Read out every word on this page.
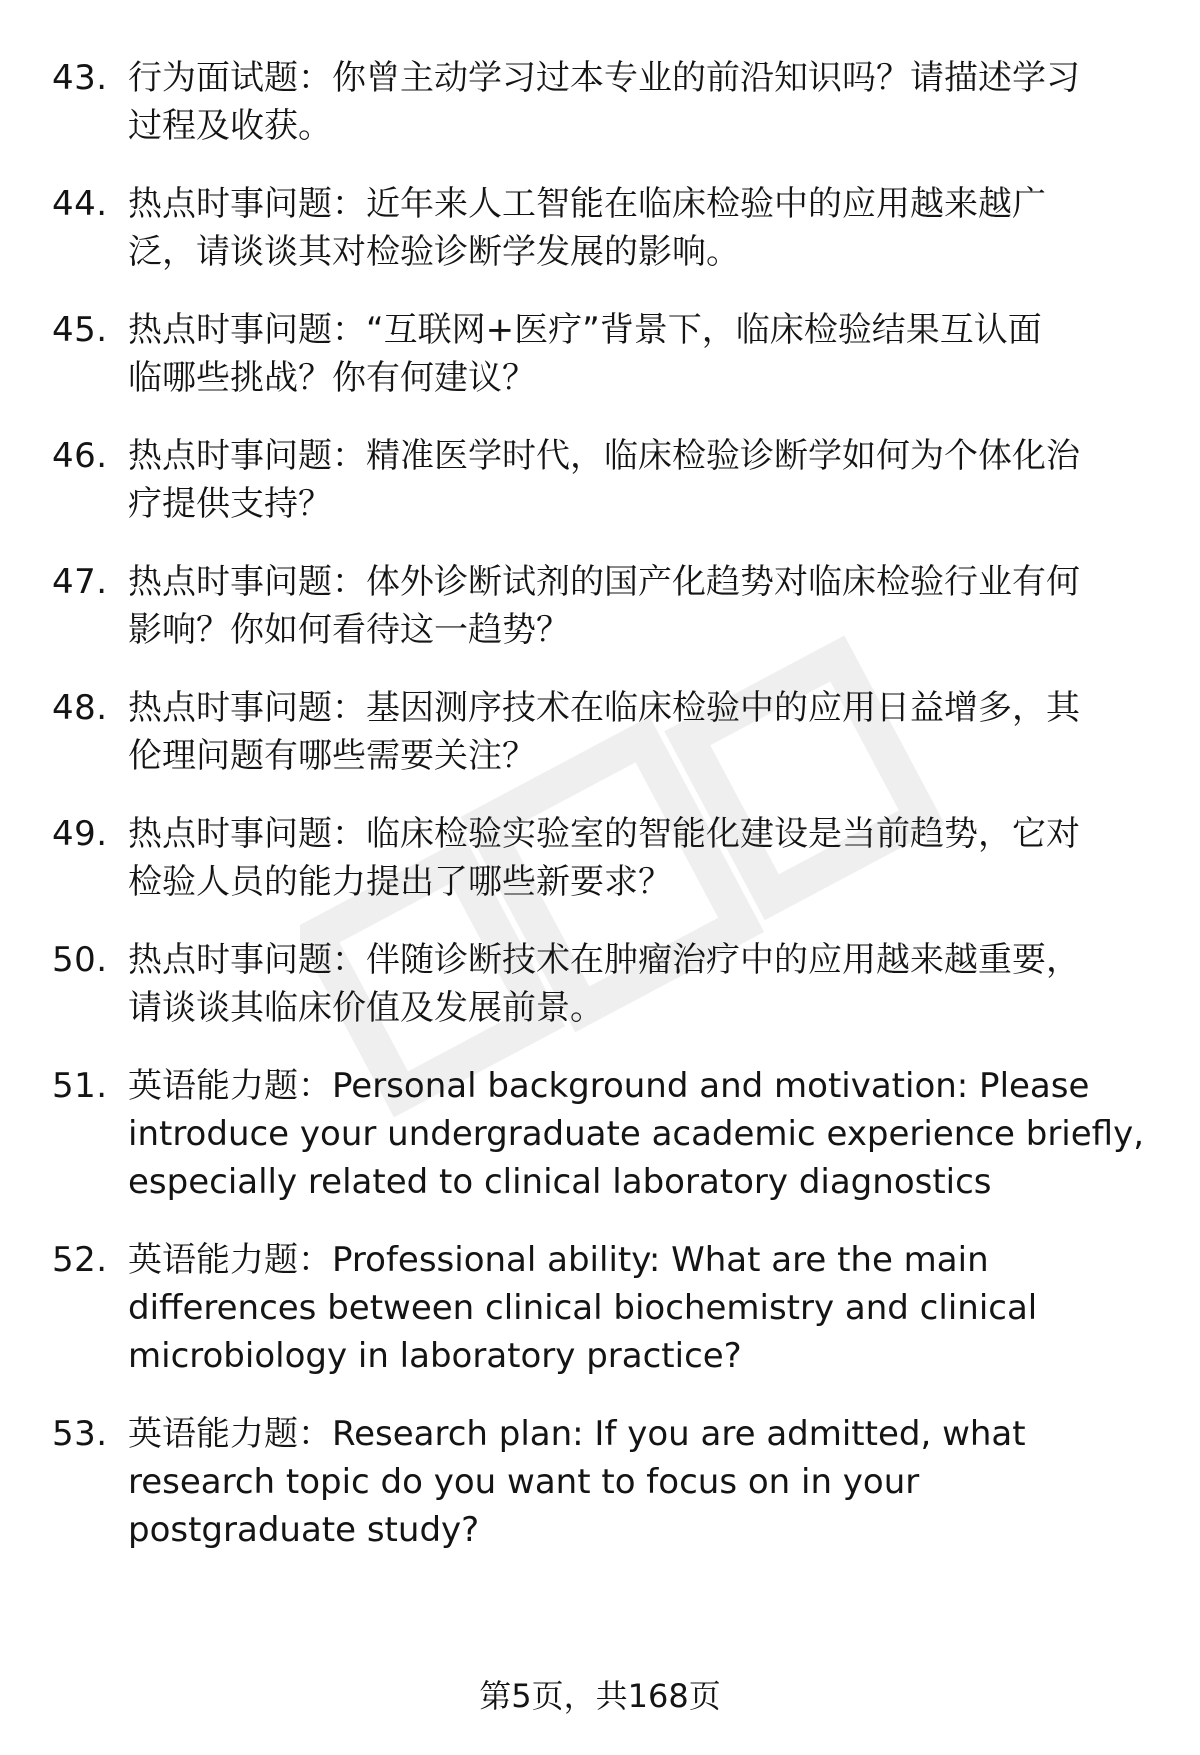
43. 行为面试题：你曾主动学习过本专业的前沿知识吗？请描述学习
过程及收获。
44. 热点时事问题：近年来人工智能在临床检验中的应用越来越广
泛，请谈谈其对检验诊断学发展的影响。
45. 热点时事问题：“互联网+医疗”背景下，临床检验结果互认面
临哪些挑战？你有何建议？
46. 热点时事问题：精准医学时代，临床检验诊断学如何为个体化治
疗提供支持？
47. 热点时事问题：体外诊断试剂的国产化趋势对临床检验行业有何
影响？你如何看待这一趋势？
48. 热点时事问题：基因测序技术在临床检验中的应用日益增多，其
伦理问题有哪些需要关注？
49. 热点时事问题：临床检验实验室的智能化建设是当前趋势，它对
检验人员的能力提出了哪些新要求？
50. 热点时事问题：伴随诊断技术在肿瘤治疗中的应用越来越重要，
请谈谈其临床价值及发展前景。
51. 英语能力题：Personal background and motivation: Please
introduce your undergraduate academic experience briefly,
especially related to clinical laboratory diagnostics
52. 英语能力题：Professional ability: What are the main
differences between clinical biochemistry and clinical
microbiology in laboratory practice?
53. 英语能力题：Research plan: If you are admitted, what
research topic do you want to focus on in your
postgraduate study?
第5页，共168页
